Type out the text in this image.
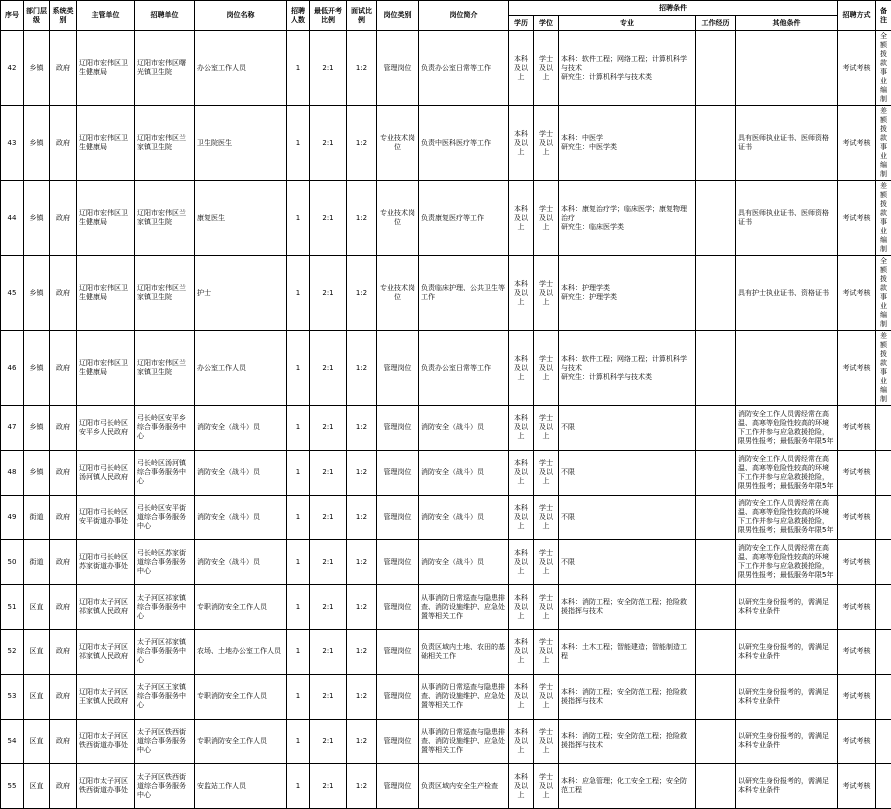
序号	部门层级	系统类别	主管单位	招聘单位	岗位名称	招聘人数	最低开考比例	面试比例	岗位类别	岗位简介	招聘条件					招聘方式	备注
											学历	学位	专业	工作经历	其他条件		
42	乡镇	政府	辽阳市宏伟区卫生健康局	辽阳市宏伟区曙光镇卫生院	办公室工作人员	1	2:1	1:2	管理岗位	负责办公室日常等工作	本科及以上	学士及以上	本科：软件工程；网络工程；计算机科学与技术
研究生：计算机科学与技术类			考试考核	全额拨款事业编制
43	乡镇	政府	辽阳市宏伟区卫生健康局	辽阳市宏伟区兰家镇卫生院	卫生院医生	1	2:1	1:2	专业技术岗位	负责中医科医疗等工作	本科及以上	学士及以上	本科：中医学
研究生：中医学类		具有医师执业证书、医师资格证书	考试考核	差额拨款事业编制
44	乡镇	政府	辽阳市宏伟区卫生健康局	辽阳市宏伟区兰家镇卫生院	康复医生	1	2:1	1:2	专业技术岗位	负责康复医疗等工作	本科及以上	学士及以上	本科：康复治疗学；临床医学；康复物理治疗
研究生：临床医学类		具有医师执业证书、医师资格证书	考试考核	差额拨款事业编制
45	乡镇	政府	辽阳市宏伟区卫生健康局	辽阳市宏伟区兰家镇卫生院	护士	1	2:1	1:2	专业技术岗位	负责临床护理、公共卫生等工作	本科及以上	学士及以上	本科：护理学类
研究生：护理学类		具有护士执业证书、资格证书	考试考核	全额拨款事业编制
46	乡镇	政府	辽阳市宏伟区卫生健康局	辽阳市宏伟区兰家镇卫生院	办公室工作人员	1	2:1	1:2	管理岗位	负责办公室日常等工作	本科及以上	学士及以上	本科：软件工程；网络工程；计算机科学与技术
研究生：计算机科学与技术类			考试考核	差额拨款事业编制
47	乡镇	政府	辽阳市弓长岭区安平乡人民政府	弓长岭区安平乡综合事务服务中心	消防安全（战斗）员	1	2:1	1:2	管理岗位	消防安全（战斗）员	本科及以上	学士及以上	不限		消防安全工作人员需经常在高温、高寒等危险性较高的环境下工作并参与应急救援抢险，限男性报考；最低服务年限5年	考试考核	
48	乡镇	政府	辽阳市弓长岭区汤河镇人民政府	弓长岭区汤河镇综合事务服务中心	消防安全（战斗）员	1	2:1	1:2	管理岗位	消防安全（战斗）员	本科及以上	学士及以上	不限		消防安全工作人员需经常在高温、高寒等危险性较高的环境下工作并参与应急救援抢险，限男性报考；最低服务年限5年	考试考核	
49	街道	政府	辽阳市弓长岭区安平街道办事处	弓长岭区安平街道综合事务服务中心	消防安全（战斗）员	1	2:1	1:2	管理岗位	消防安全（战斗）员	本科及以上	学士及以上	不限		消防安全工作人员需经常在高温、高寒等危险性较高的环境下工作并参与应急救援抢险，限男性报考；最低服务年限5年	考试考核	
50	街道	政府	辽阳市弓长岭区苏家街道办事处	弓长岭区苏家街道综合事务服务中心	消防安全（战斗）员	1	2:1	1:2	管理岗位	消防安全（战斗）员	本科及以上	学士及以上	不限		消防安全工作人员需经常在高温、高寒等危险性较高的环境下工作并参与应急救援抢险，限男性报考；最低服务年限5年	考试考核	
51	区直	政府	辽阳市太子河区祁家镇人民政府	太子河区祁家镇综合事务服务中心	专职消防安全工作人员	1	2:1	1:2	管理岗位	从事消防日常巡查与隐患排查、消防设施维护、应急处置等相关工作	本科及以上	学士及以上	本科：消防工程；安全防范工程；抢险救援指挥与技术		以研究生身份报考的，需满足本科专业条件	考试考核	
52	区直	政府	辽阳市太子河区祁家镇人民政府	太子河区祁家镇综合事务服务中心	农场、土地办公室工作人员	1	2:1	1:2	管理岗位	负责区域内土地、农田的基础相关工作	本科及以上	学士及以上	本科：土木工程；智能建造；智能制造工程		以研究生身份报考的，需满足本科专业条件	考试考核	
53	区直	政府	辽阳市太子河区王家镇人民政府	太子河区王家镇综合事务服务中心	专职消防安全工作人员	1	2:1	1:2	管理岗位	从事消防日常巡查与隐患排查、消防设施维护、应急处置等相关工作	本科及以上	学士及以上	本科：消防工程；安全防范工程；抢险救援指挥与技术		以研究生身份报考的，需满足本科专业条件	考试考核	
54	区直	政府	辽阳市太子河区铁西街道办事处	太子河区铁西街道综合事务服务中心	专职消防安全工作人员	1	2:1	1:2	管理岗位	从事消防日常巡查与隐患排查、消防设施维护、应急处置等相关工作	本科及以上	学士及以上	本科：消防工程；安全防范工程；抢险救援指挥与技术		以研究生身份报考的，需满足本科专业条件	考试考核	
55	区直	政府	辽阳市太子河区铁西街道办事处	太子河区铁西街道综合事务服务中心	安监站工作人员	1	2:1	1:2	管理岗位	负责区域内安全生产检查	本科及以上	学士及以上	本科：应急管理；化工安全工程；安全防范工程		以研究生身份报考的，需满足本科专业条件	考试考核	
